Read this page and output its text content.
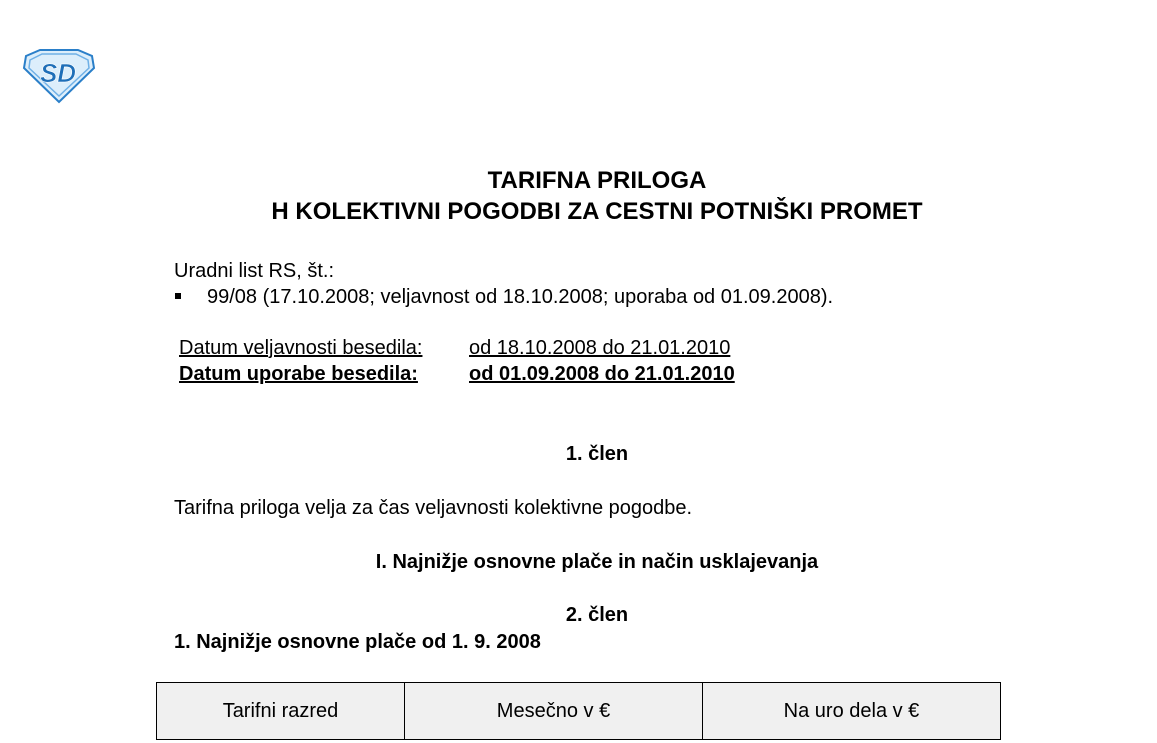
SD
TARIFNA PRILOGA
H KOLEKTIVNI POGODBI ZA CESTNI POTNIŠKI PROMET
Uradni list RS, št.:
99/08 (17.10.2008; veljavnost od 18.10.2008; uporaba od 01.09.2008).
Datum veljavnosti besedila: od 18.10.2008 do 21.01.2010
Datum uporabe besedila:	od 01.09.2008 do 21.01.2010
1. člen
Tarifna priloga velja za čas veljavnosti kolektivne pogodbe.
I. Najnižje osnovne plače in način usklajevanja
2. člen
1. Najnižje osnovne plače od 1. 9. 2008
Tarifni razred	Mesečno v €	Na uro dela v €
